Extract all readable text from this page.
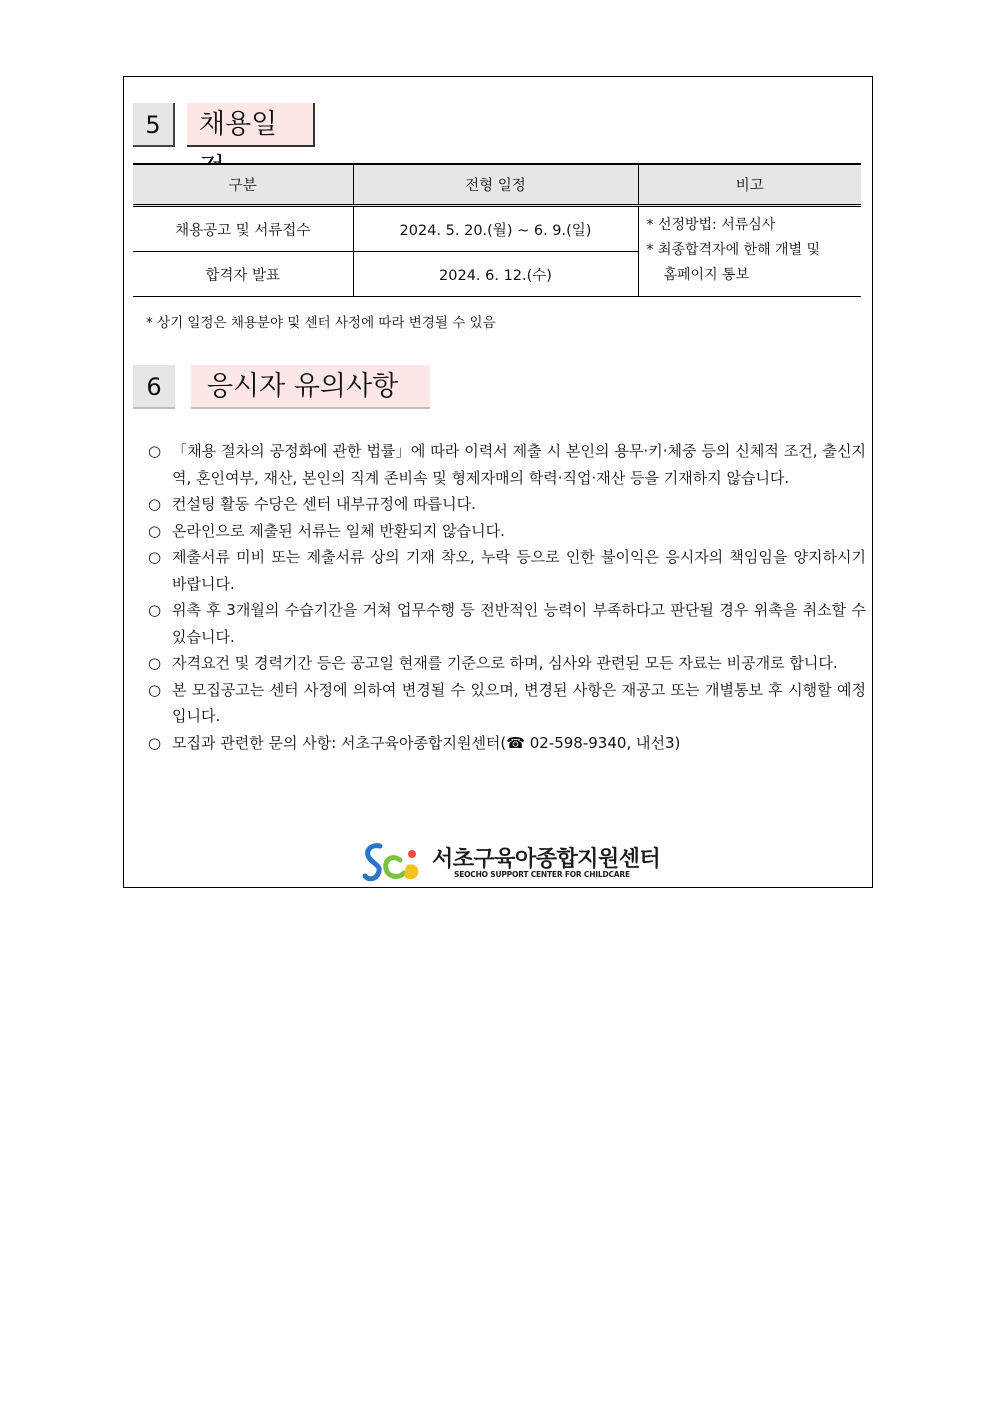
5	채용일
구분	전형 일정	비고
채용공고 및 서류접수	2024. 5. 20.(월) ~ 6. 9.(일)	* 선정방법: 서류심사
* 최종합격자에 한해 개별 및
홈페이지 통보

합격자 발표	2024. 6. 12.(수)	
* 상기 일정은 채용분야 및 센터 사정에 따라 변경될 수 있음
6	응시자 유의사항
○ 「채용 절차의 공정화에 관한 법률」에 따라 이력서 제출 시 본인의 용무·키·체중 등의 신체적 조건, 출신지역, 혼인여부, 재산, 본인의 직계 존비속 및 형제자매의 학력·직업·재산 등을 기재하지 않습니다.
○ 컨설팅 활동 수당은 센터 내부규정에 따릅니다.
○ 온라인으로 제출된 서류는 일체 반환되지 않습니다.
○ 제출서류 미비 또는 제출서류 상의 기재 착오, 누락 등으로 인한 불이익은 응시자의 책임임을 양지하시기 바랍니다.
○ 위촉 후 3개월의 수습기간을 거쳐 업무수행 등 전반적인 능력이 부족하다고 판단될 경우 위촉을 취소할 수 있습니다.
○ 자격요건 및 경력기간 등은 공고일 현재를 기준으로 하며, 심사와 관련된 모든 자료는 비공개로 합니다.
○ 본 모집공고는 센터 사정에 의하여 변경될 수 있으며, 변경된 사항은 재공고 또는 개별통보 후 시행할 예정입니다.
○ 모집과 관련한 문의 사항: 서초구육아종합지원센터(☎ 02-598-9340, 내선3)
서초구육아종합지원센터
SEOCHO SUPPORT CENTER FOR CHILDCARE
